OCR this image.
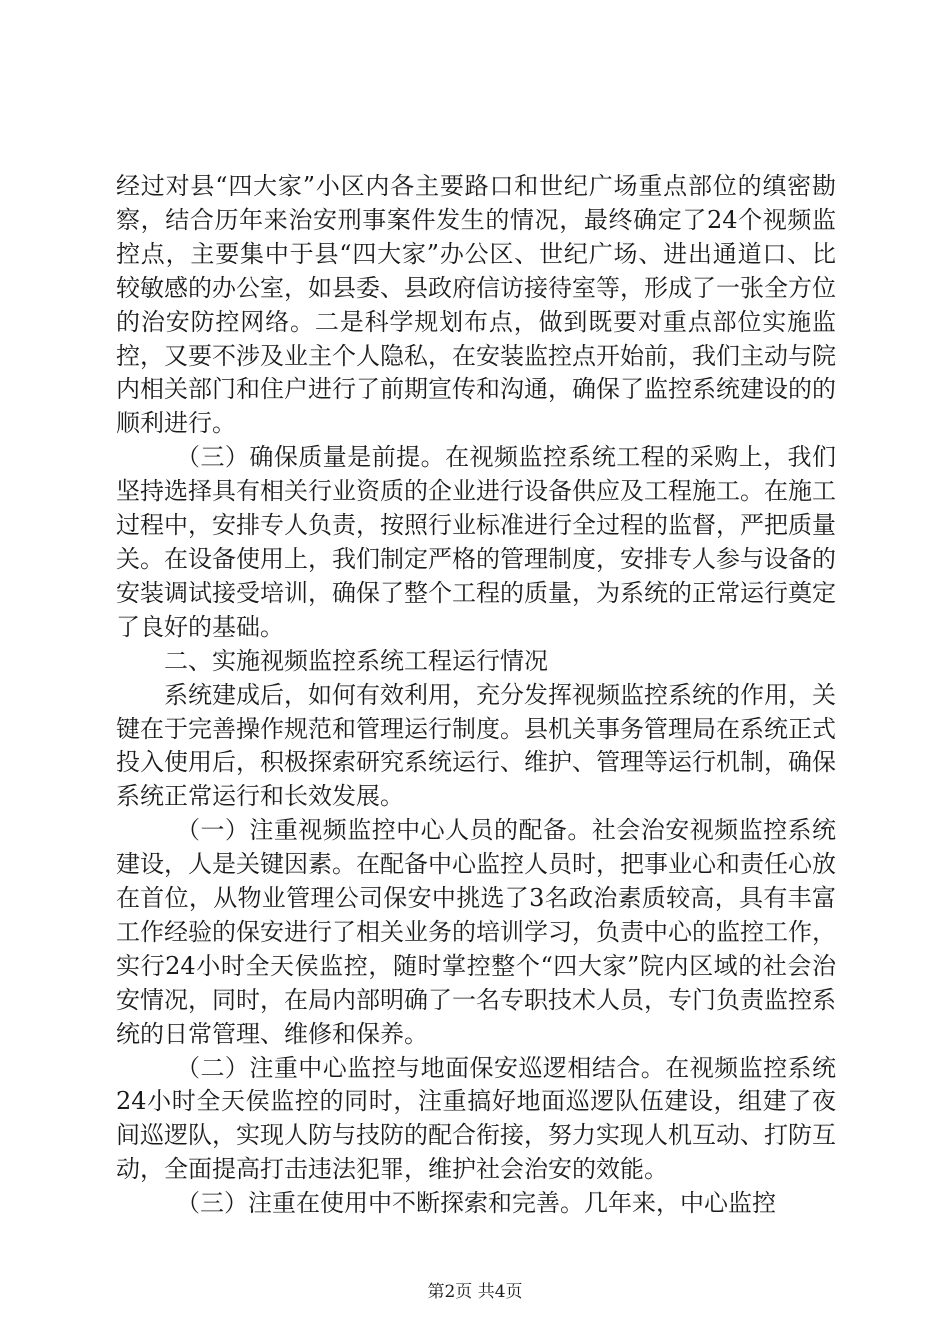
经过对县“四大家”小区内各主要路口和世纪广场重点部位的缜密勘察，结合历年来治安刑事案件发生的情况，最终确定了24个视频监控点，主要集中于县“四大家”办公区、世纪广场、进出通道口、比较敏感的办公室，如县委、县政府信访接待室等，形成了一张全方位的治安防控网络。二是科学规划布点，做到既要对重点部位实施监控，又要不涉及业主个人隐私，在安装监控点开始前，我们主动与院内相关部门和住户进行了前期宣传和沟通，确保了监控系统建设的的顺利进行。

（三）确保质量是前提。在视频监控系统工程的采购上，我们坚持选择具有相关行业资质的企业进行设备供应及工程施工。在施工过程中，安排专人负责，按照行业标准进行全过程的监督，严把质量关。在设备使用上，我们制定严格的管理制度，安排专人参与设备的安装调试接受培训，确保了整个工程的质量，为系统的正常运行奠定了良好的基础。

二、实施视频监控系统工程运行情况

系统建成后，如何有效利用，充分发挥视频监控系统的作用，关键在于完善操作规范和管理运行制度。县机关事务管理局在系统正式投入使用后，积极探索研究系统运行、维护、管理等运行机制，确保系统正常运行和长效发展。

（一）注重视频监控中心人员的配备。社会治安视频监控系统建设，人是关键因素。在配备中心监控人员时，把事业心和责任心放在首位，从物业管理公司保安中挑选了3名政治素质较高，具有丰富工作经验的保安进行了相关业务的培训学习，负责中心的监控工作，实行24小时全天侯监控，随时掌控整个“四大家”院内区域的社会治安情况，同时，在局内部明确了一名专职技术人员，专门负责监控系统的日常管理、维修和保养。

（二）注重中心监控与地面保安巡逻相结合。在视频监控系统24小时全天侯监控的同时，注重搞好地面巡逻队伍建设，组建了夜间巡逻队，实现人防与技防的配合衔接，努力实现人机互动、打防互动，全面提高打击违法犯罪，维护社会治安的效能。

（三）注重在使用中不断探索和完善。几年来，中心监控

第2页 共4页
